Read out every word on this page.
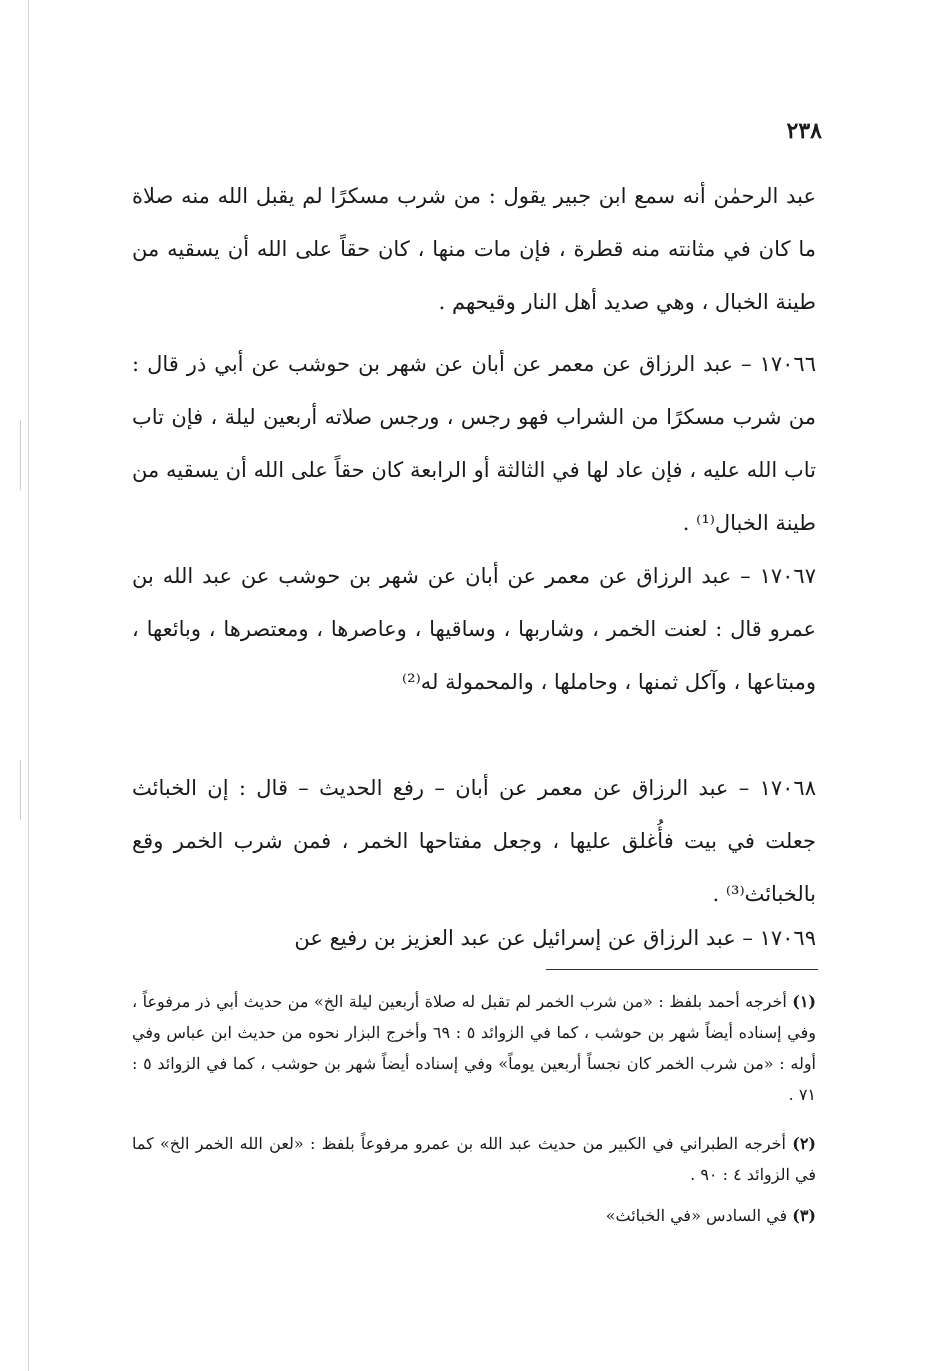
٢٣٨

عبد الرحمٰن أنه سمع ابن جبير يقول : من شرب مسكرًا لم يقبل الله منه صلاة ما كان في مثانته منه قطرة ، فإن مات منها ، كان حقاً على الله أن يسقيه من طينة الخبال ، وهي صديد أهل النار وقيحهم .

١٧٠٦٦ – عبد الرزاق عن معمر عن أبان عن شهر بن حوشب عن أبي ذر قال : من شرب مسكرًا من الشراب فهو رجس ، ورجس صلاته أربعين ليلة ، فإن تاب تاب الله عليه ، فإن عاد لها في الثالثة أو الرابعة كان حقاً على الله أن يسقيه من طينة الخبال⁽¹⁾ .

١٧٠٦٧ – عبد الرزاق عن معمر عن أبان عن شهر بن حوشب عن عبد الله بن عمرو قال : لعنت الخمر ، وشاربها ، وساقيها ، وعاصرها ، ومعتصرها ، وبائعها ، ومبتاعها ، وآكل ثمنها ، وحاملها ، والمحمولة له⁽²⁾

١٧٠٦٨ – عبد الرزاق عن معمر عن أبان – رفع الحديث – قال : إن الخبائث جعلت في بيت فأُغلق عليها ، وجعل مفتاحها الخمر ، فمن شرب الخمر وقع بالخبائث⁽³⁾ .

١٧٠٦٩ – عبد الرزاق عن إسرائيل عن عبد العزيز بن رفيع عن

(١) أخرجه أحمد بلفظ : «من شرب الخمر لم تقبل له صلاة أربعين ليلة الخ» من حديث أبي ذر مرفوعاً ، وفي إسناده أيضاً شهر بن حوشب ، كما في الزوائد ٥ : ٦٩ وأخرج البزار نحوه من حديث ابن عباس وفي أوله : «من شرب الخمر كان نجساً أربعين يوماً» وفي إسناده أيضاً شهر بن حوشب ، كما في الزوائد ٥ : ٧١ .

(٢) أخرجه الطبراني في الكبير من حديث عبد الله بن عمرو مرفوعاً بلفظ : «لعن الله الخمر الخ» كما في الزوائد ٤ : ٩٠ .

(٣) في السادس «في الخبائث»
